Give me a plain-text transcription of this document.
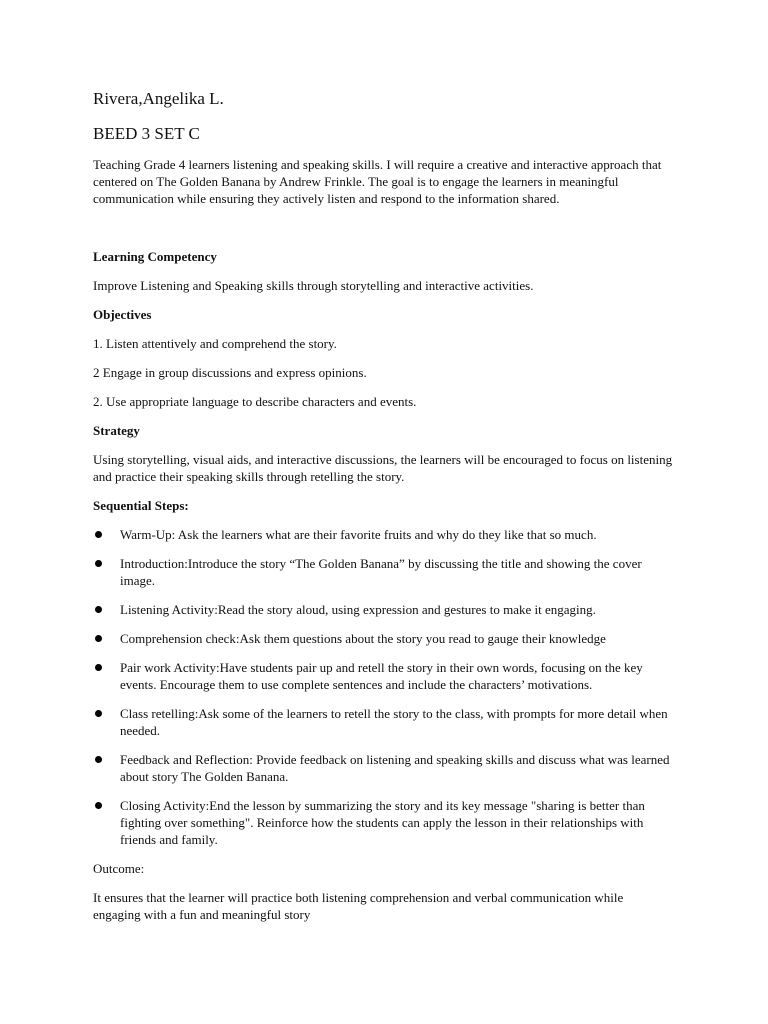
Rivera,Angelika L.

BEED 3 SET C

Teaching Grade 4 learners listening and speaking skills. I will require a creative and interactive approach that centered on The Golden Banana by Andrew Frinkle. The goal is to engage the learners in meaningful communication while ensuring they actively listen and respond to the information shared.

Learning Competency

Improve Listening and Speaking skills through storytelling and interactive activities.

Objectives

1. Listen attentively and comprehend the story.

2 Engage in group discussions and express opinions.

2. Use appropriate language to describe characters and events.

Strategy

Using storytelling, visual aids, and interactive discussions, the learners will be encouraged to focus on listening and practice their speaking skills through retelling the story.

Sequential Steps:

Warm-Up: Ask the learners what are their favorite fruits and why do they like that so much.
Introduction:Introduce the story “The Golden Banana” by discussing the title and showing the cover image.
Listening Activity:Read the story aloud, using expression and gestures to make it engaging.
Comprehension check:Ask them questions about the story you read to gauge their knowledge
Pair work Activity:Have students pair up and retell the story in their own words, focusing on the key events. Encourage them to use complete sentences and include the characters’ motivations.
Class retelling:Ask some of the learners to retell the story to the class, with prompts for more detail when needed.
Feedback and Reflection: Provide feedback on listening and speaking skills and discuss what was learned about story The Golden Banana.
Closing Activity:End the lesson by summarizing the story and its key message "sharing is better than fighting over something". Reinforce how the students can apply the lesson in their relationships with friends and family.

Outcome:

It ensures that the learner will practice both listening comprehension and verbal communication while engaging with a fun and meaningful story
